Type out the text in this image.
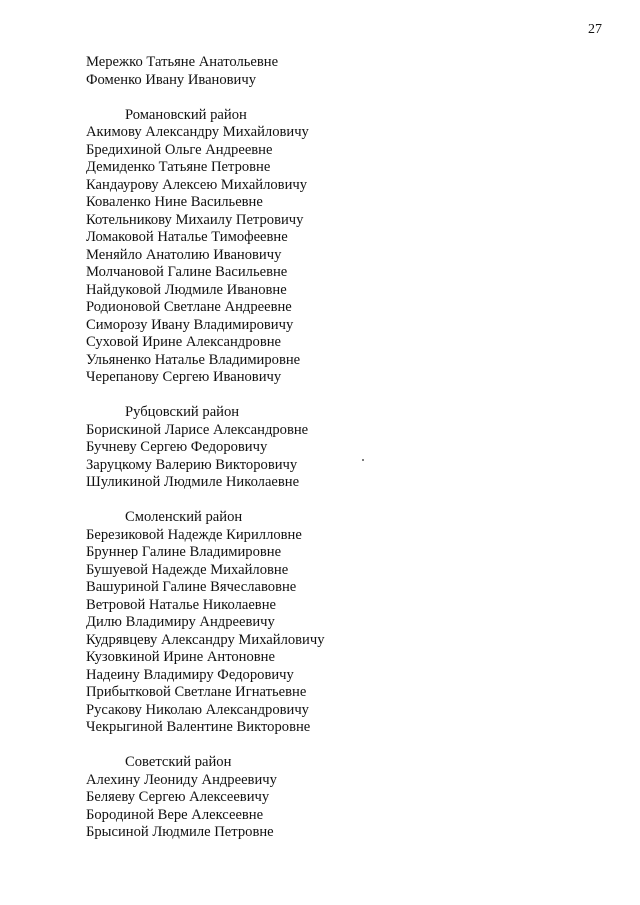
27
Мережко Татьяне Анатольевне
Фоменко Ивану Ивановичу
Романовский район
Акимову Александру Михайловичу
Бредихиной Ольге Андреевне
Демиденко Татьяне Петровне
Кандаурову Алексею Михайловичу
Коваленко Нине Васильевне
Котельникову Михаилу Петровичу
Ломаковой Наталье Тимофеевне
Меняйло Анатолию Ивановичу
Молчановой Галине Васильевне
Найдуковой Людмиле Ивановне
Родионовой Светлане Андреевне
Симорозу Ивану Владимировичу
Суховой Ирине Александровне
Ульяненко Наталье Владимировне
Черепанову Сергею Ивановичу
Рубцовский район
Борискиной Ларисе Александровне
Бучневу Сергею Федоровичу
Заруцкому Валерию Викторовичу
Шуликиной Людмиле Николаевне
Смоленский район
Березиковой Надежде Кирилловне
Бруннер Галине Владимировне
Бушуевой Надежде Михайловне
Вашуриной Галине Вячеславовне
Ветровой Наталье Николаевне
Дилю Владимиру Андреевичу
Кудрявцеву Александру Михайловичу
Кузовкиной Ирине Антоновне
Надеину Владимиру Федоровичу
Прибытковой Светлане Игнатьевне
Русакову Николаю Александровичу
Чекрыгиной Валентине Викторовне
Советский район
Алехину Леониду Андреевичу
Беляеву Сергею Алексеевичу
Бородиной Вере Алексеевне
Брысиной Людмиле Петровне
